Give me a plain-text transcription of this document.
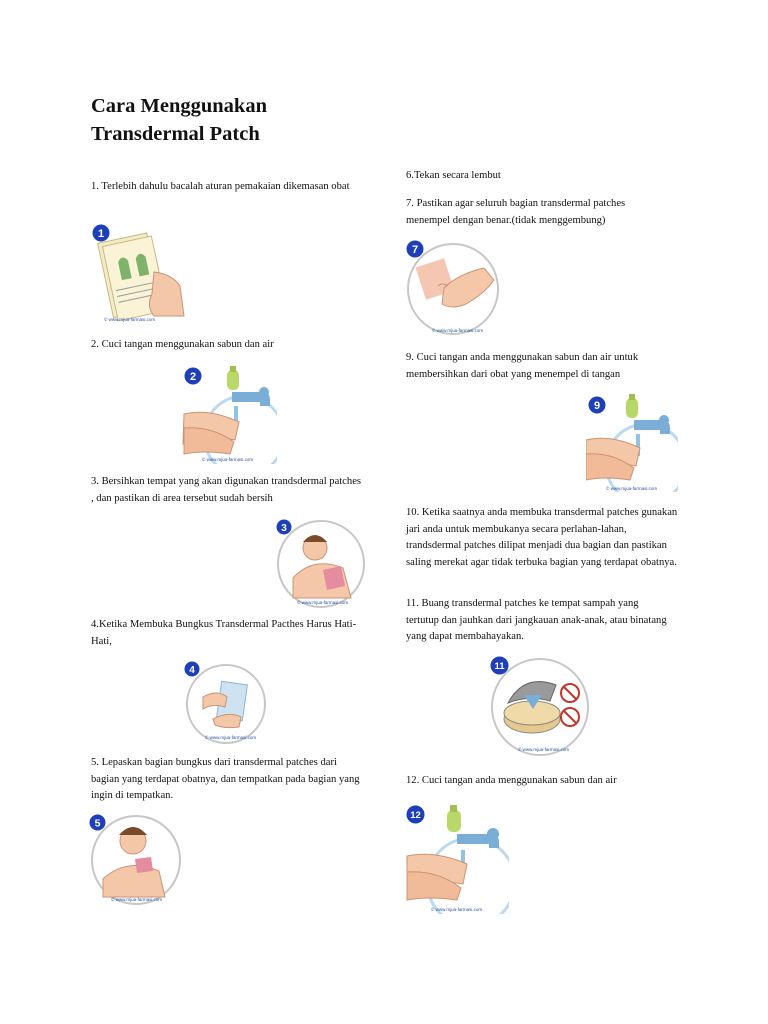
Cara Menggunakan
Transdermal Patch

1. Terlebih dahulu bacalah aturan pemakaian dikemasan obat

© www.mjua-farmasi.com
1

2. Cuci tangan menggunakan sabun dan air

© www.mjua-farmasi.com
2

3. Bersihkan tempat yang akan digunakan trandsdermal patches , dan pastikan di area tersebut sudah bersih

© www.mjua-farmasi.com
3

4.Ketika Membuka Bungkus Transdermal Pacthes Harus Hati-Hati,

© www.mjua-farmasi.com
4

5. Lepaskan bagian bungkus dari transdermal patches dari bagian yang terdapat obatnya, dan tempatkan pada bagian yang ingin di tempatkan.

© www.mjua-farmasi.com
5

6.Tekan secara lembut

7. Pastikan agar seluruh bagian transdermal patches menempel dengan benar.(tidak menggembung)

© www.mjua-farmasi.com
7

9. Cuci tangan anda menggunakan sabun dan air untuk membersihkan dari obat yang menempel di tangan

© www.mjua-farmasi.com
9

10. Ketika saatnya anda membuka transdermal patches gunakan jari anda untuk membukanya secara perlahan-lahan, trandsdermal patches dilipat menjadi dua bagian dan pastikan saling merekat agar tidak terbuka bagian yang terdapat obatnya.

11. Buang transdermal patches ke tempat sampah yang tertutup dan jauhkan dari jangkauan anak-anak, atau binatang yang dapat membahayakan.

© www.mjua-farmasi.com
11

12. Cuci tangan anda menggunakan sabun dan air

© www.mjua-farmasi.com
12
